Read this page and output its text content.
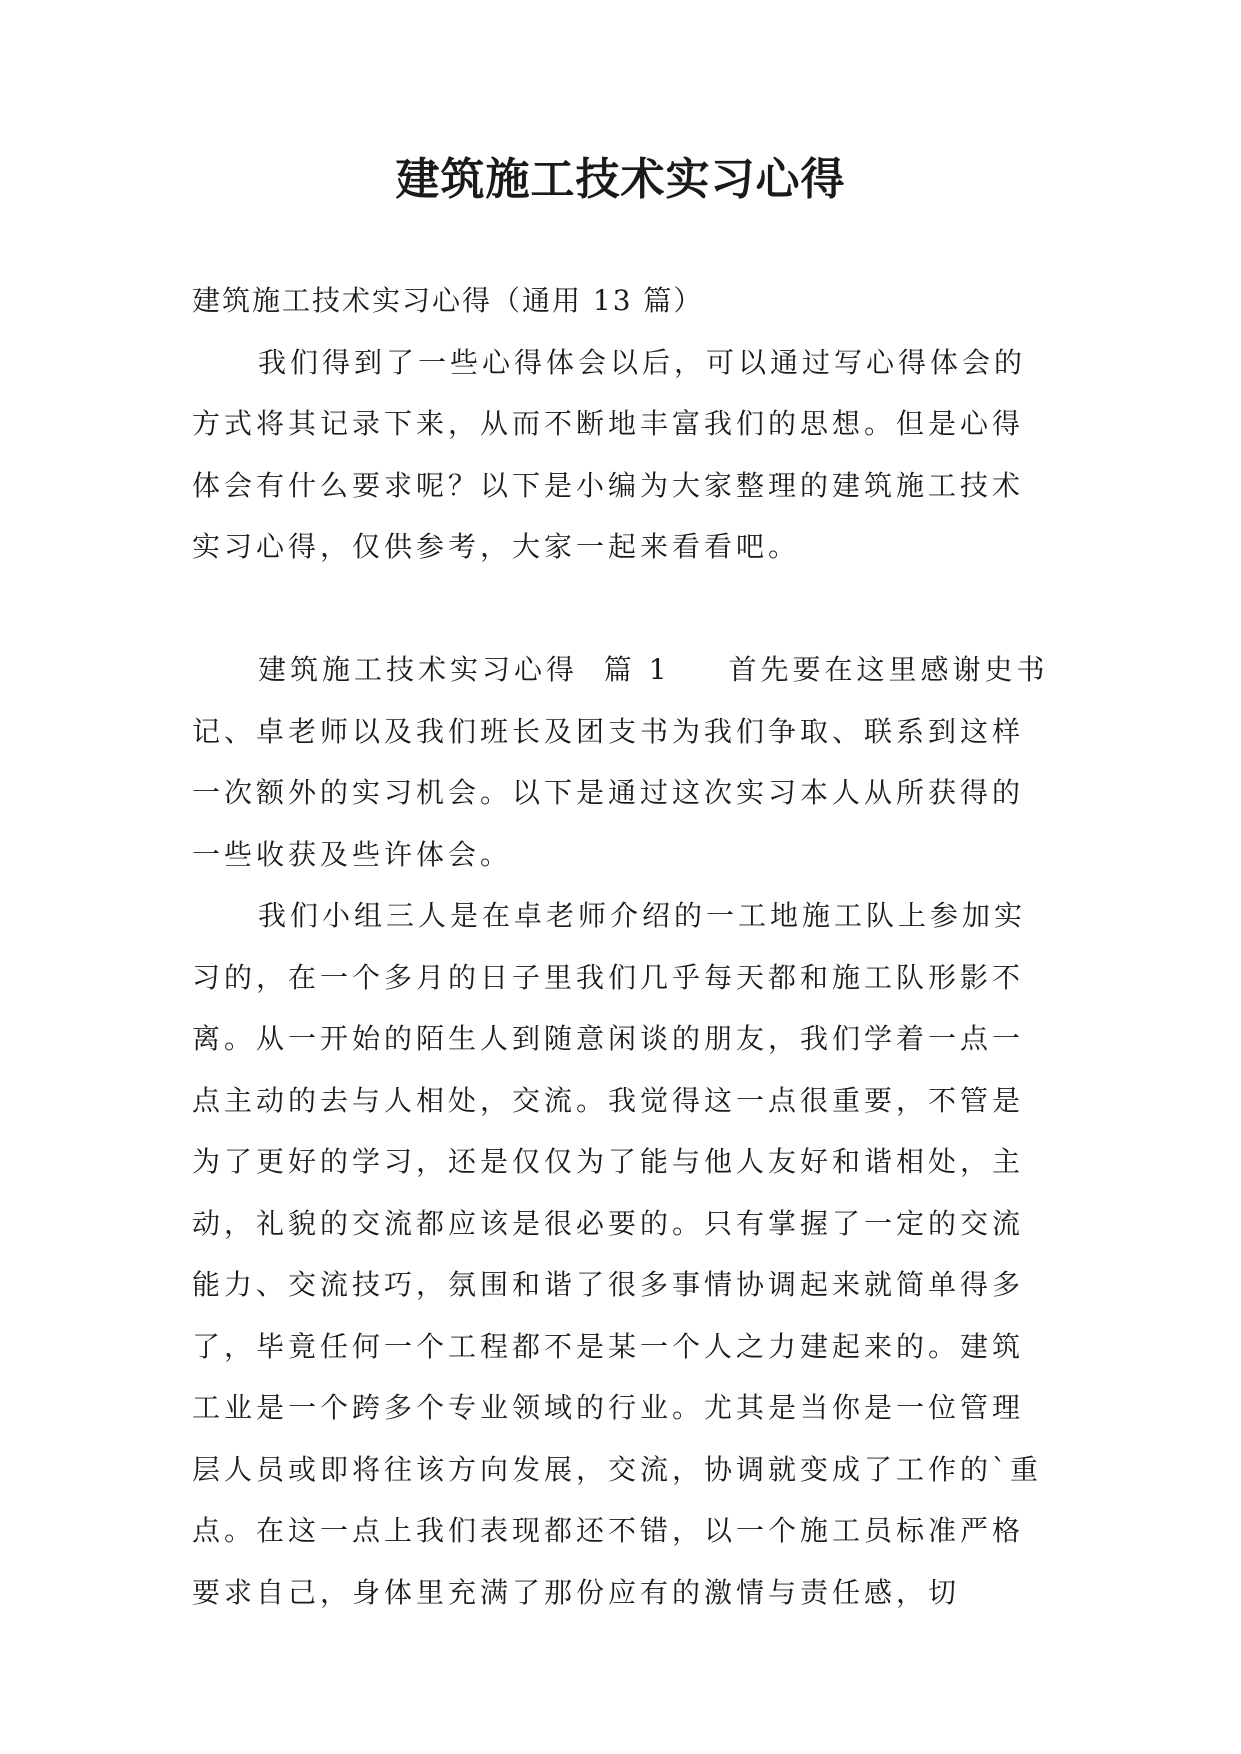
建筑施工技术实习心得

建筑施工技术实习心得（通用 13 篇）

我们得到了一些心得体会以后，可以通过写心得体会的方式将其记录下来，从而不断地丰富我们的思想。但是心得体会有什么要求呢？以下是小编为大家整理的建筑施工技术实习心得，仅供参考，大家一起来看看吧。

建筑施工技术实习心得  篇 1 首先要在这里感谢史书记、卓老师以及我们班长及团支书为我们争取、联系到这样一次额外的实习机会。以下是通过这次实习本人从所获得的一些收获及些许体会。

我们小组三人是在卓老师介绍的一工地施工队上参加实习的，在一个多月的日子里我们几乎每天都和施工队形影不离。从一开始的陌生人到随意闲谈的朋友，我们学着一点一点主动的去与人相处，交流。我觉得这一点很重要，不管是为了更好的学习，还是仅仅为了能与他人友好和谐相处，主动，礼貌的交流都应该是很必要的。只有掌握了一定的交流能力、交流技巧，氛围和谐了很多事情协调起来就简单得多了，毕竟任何一个工程都不是某一个人之力建起来的。建筑工业是一个跨多个专业领域的行业。尤其是当你是一位管理层人员或即将往该方向发展，交流，协调就变成了工作的`重点。在这一点上我们表现都还不错，以一个施工员标准严格要求自己，身体里充满了那份应有的激情与责任感，切
